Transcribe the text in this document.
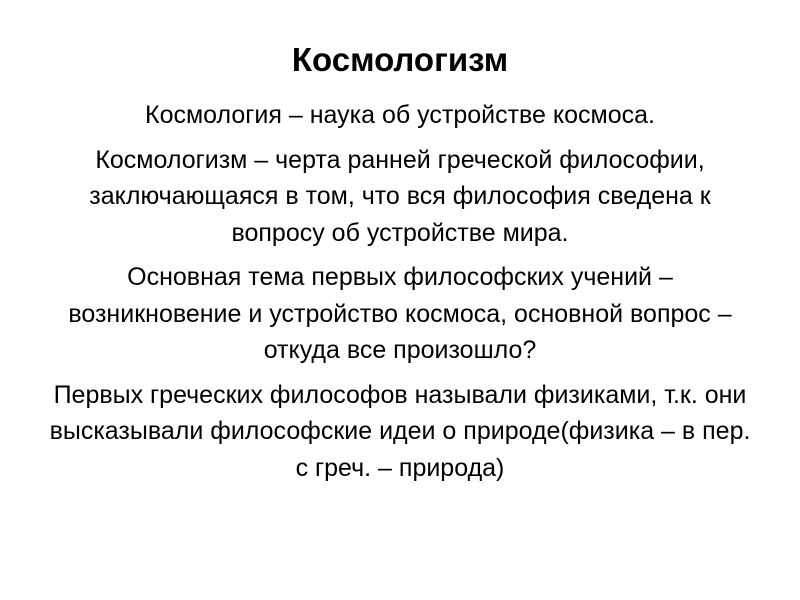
Космологизм

Космология – наука об устройстве космоса.

Космологизм – черта ранней греческой философии, заключающаяся в том, что вся философия сведена к вопросу об устройстве мира.

Основная тема первых философских учений – возникновение и устройство космоса, основной вопрос – откуда все произошло?

Первых греческих философов называли физиками, т.к. они высказывали философские идеи о природе(физика – в пер. с греч. – природа)
